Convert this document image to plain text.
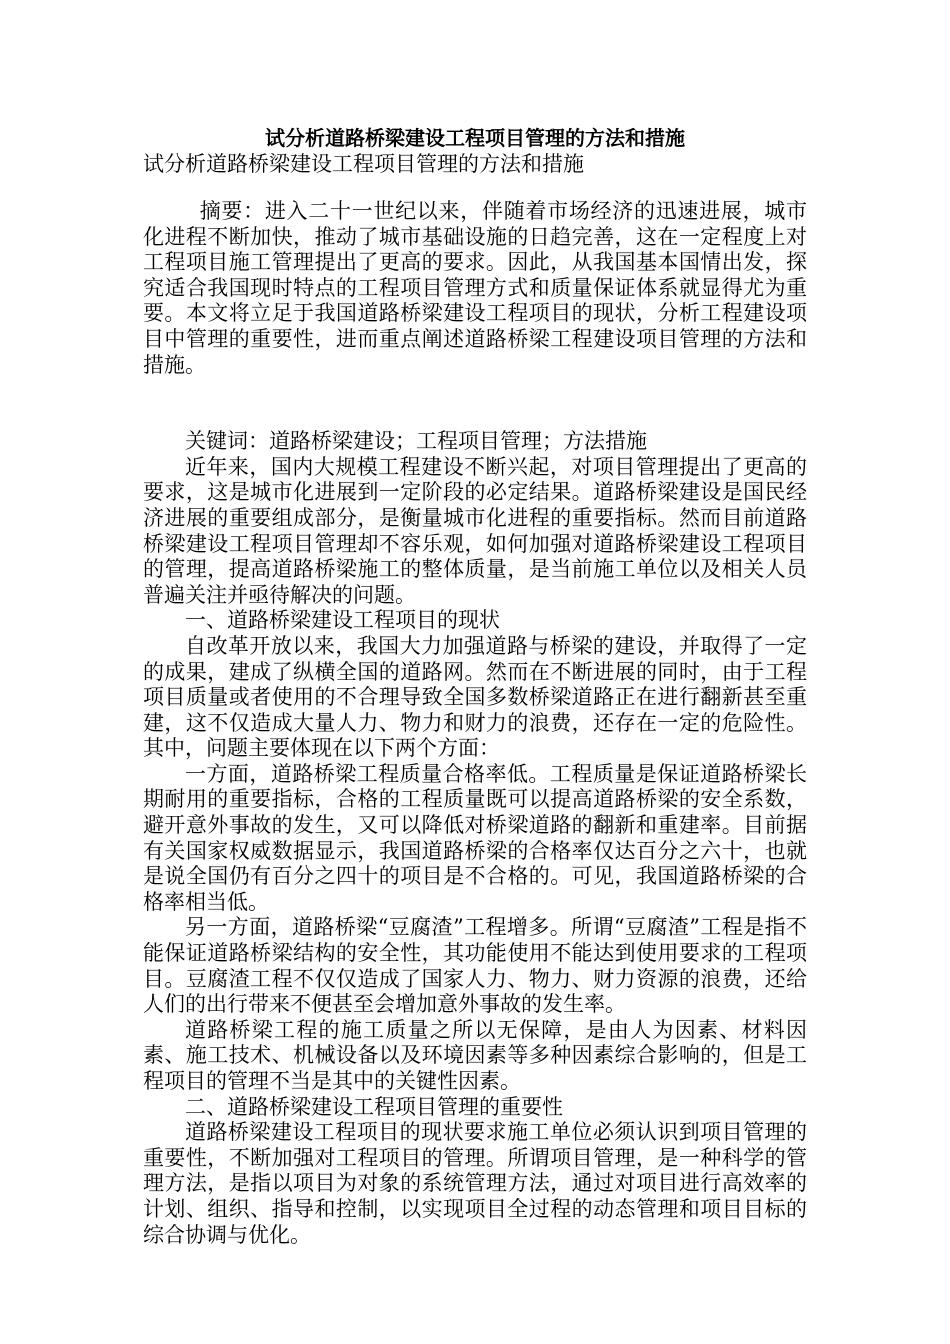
试分析道路桥梁建设工程项目管理的方法和措施
试分析道路桥梁建设工程项目管理的方法和措施

摘要：进入二十一世纪以来，伴随着市场经济的迅速进展，城市化进程不断加快，推动了城市基础设施的日趋完善，这在一定程度上对工程项目施工管理提出了更高的要求。因此，从我国基本国情出发，探究适合我国现时特点的工程项目管理方式和质量保证体系就显得尤为重要。本文将立足于我国道路桥梁建设工程项目的现状，分析工程建设项目中管理的重要性，进而重点阐述道路桥梁工程建设项目管理的方法和措施。

关键词：道路桥梁建设；工程项目管理；方法措施

近年来，国内大规模工程建设不断兴起，对项目管理提出了更高的要求，这是城市化进展到一定阶段的必定结果。道路桥梁建设是国民经济进展的重要组成部分，是衡量城市化进程的重要指标。然而目前道路桥梁建设工程项目管理却不容乐观，如何加强对道路桥梁建设工程项目的管理，提高道路桥梁施工的整体质量，是当前施工单位以及相关人员普遍关注并亟待解决的问题。

一、道路桥梁建设工程项目的现状

自改革开放以来，我国大力加强道路与桥梁的建设，并取得了一定的成果，建成了纵横全国的道路网。然而在不断进展的同时，由于工程项目质量或者使用的不合理导致全国多数桥梁道路正在进行翻新甚至重建，这不仅造成大量人力、物力和财力的浪费，还存在一定的危险性。其中，问题主要体现在以下两个方面：

一方面，道路桥梁工程质量合格率低。工程质量是保证道路桥梁长期耐用的重要指标，合格的工程质量既可以提高道路桥梁的安全系数，避开意外事故的发生，又可以降低对桥梁道路的翻新和重建率。目前据有关国家权威数据显示，我国道路桥梁的合格率仅达百分之六十，也就是说全国仍有百分之四十的项目是不合格的。可见，我国道路桥梁的合格率相当低。

另一方面，道路桥梁“豆腐渣”工程增多。所谓“豆腐渣”工程是指不能保证道路桥梁结构的安全性，其功能使用不能达到使用要求的工程项目。豆腐渣工程不仅仅造成了国家人力、物力、财力资源的浪费，还给人们的出行带来不便甚至会增加意外事故的发生率。

道路桥梁工程的施工质量之所以无保障，是由人为因素、材料因素、施工技术、机械设备以及环境因素等多种因素综合影响的，但是工程项目的管理不当是其中的关键性因素。

二、道路桥梁建设工程项目管理的重要性

道路桥梁建设工程项目的现状要求施工单位必须认识到项目管理的重要性，不断加强对工程项目的管理。所谓项目管理，是一种科学的管理方法，是指以项目为对象的系统管理方法，通过对项目进行高效率的计划、组织、指导和控制，以实现项目全过程的动态管理和项目目标的综合协调与优化。
